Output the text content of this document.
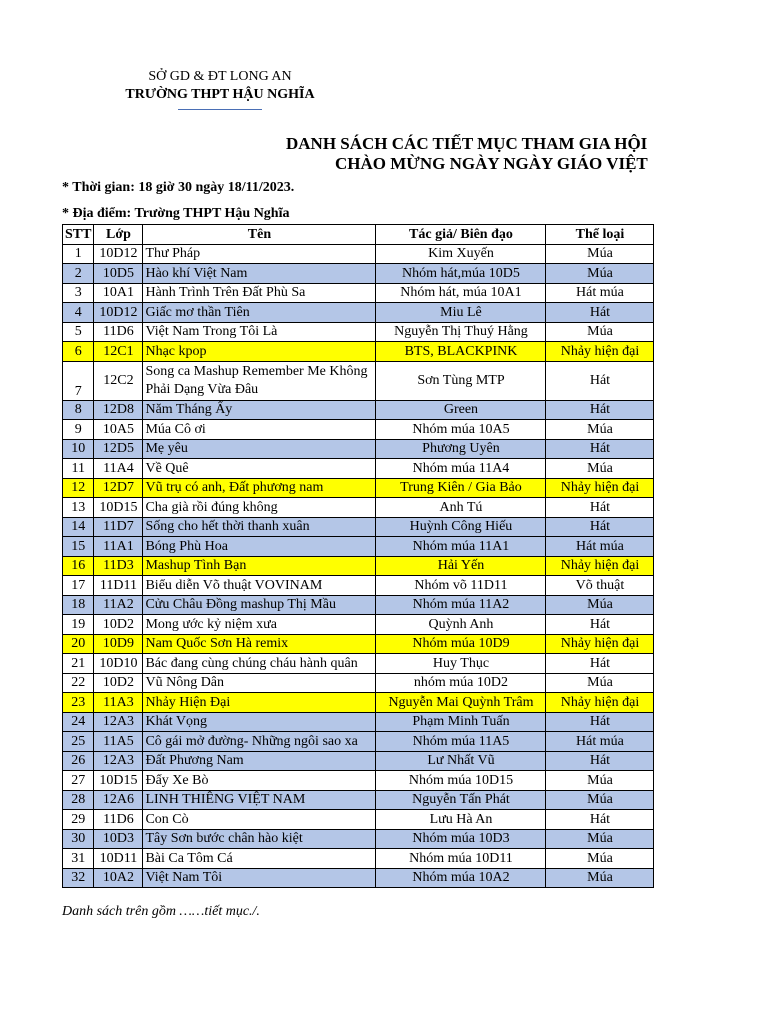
SỞ GD & ĐT LONG AN
TRƯỜNG THPT HẬU NGHĨA
DANH SÁCH CÁC TIẾT MỤC THAM GIA HỘI
CHÀO MỪNG NGÀY NGÀY GIÁO VIỆT
* Thời gian: 18 giờ 30 ngày 18/11/2023.
* Địa điểm: Trường THPT Hậu Nghĩa
STT	Lớp	Tên	Tác giả/ Biên đạo	Thể loại
1	10D12	Thư Pháp	Kim Xuyến	Múa
2	10D5	Hào khí Việt Nam	Nhóm hát,múa 10D5	Múa
3	10A1	Hành Trình Trên Đất Phù Sa	Nhóm hát, múa 10A1	Hát múa
4	10D12	Giấc mơ thần Tiên	Miu Lê	Hát
5	11D6	Việt Nam Trong Tôi Là	Nguyễn Thị Thuý Hằng	Múa
6	12C1	Nhạc kpop	BTS, BLACKPINK	Nhảy hiện đại
7	12C2	Song ca Mashup Remember Me Không Phải Dạng Vừa Đâu	Sơn Tùng MTP	Hát
8	12D8	Năm Tháng Ấy	Green	Hát
9	10A5	Múa Cô ơi	Nhóm múa 10A5	Múa
10	12D5	Mẹ yêu	Phương Uyên	Hát
11	11A4	Về Quê	Nhóm múa 11A4	Múa
12	12D7	Vũ trụ có anh, Đất phương nam	Trung Kiên / Gia Bảo	Nhảy hiện đại
13	10D15	Cha già rồi đúng không	Anh Tú	Hát
14	11D7	Sống cho hết thời thanh xuân	Huỳnh Công Hiếu	Hát
15	11A1	Bóng Phù Hoa	Nhóm múa 11A1	Hát múa
16	11D3	Mashup Tình Bạn	Hải Yến	Nhảy hiện đại
17	11D11	Biểu diễn Võ thuật VOVINAM	Nhóm võ 11D11	Võ thuật
18	11A2	Cửu Châu Đồng mashup Thị Mầu	Nhóm múa 11A2	Múa
19	10D2	Mong ước kỷ niệm xưa	Quỳnh Anh	Hát
20	10D9	Nam Quốc Sơn Hà remix	Nhóm múa 10D9	Nhảy hiện đại
21	10D10	Bác đang cùng chúng cháu hành quân	Huy Thục	Hát
22	10D2	Vũ Nông Dân	nhóm múa 10D2	Múa
23	11A3	Nhảy Hiện Đại	Nguyễn Mai Quỳnh Trâm	Nhảy hiện đại
24	12A3	Khát Vọng	Phạm Minh Tuấn	Hát
25	11A5	Cô gái mở đường- Những ngôi sao xa	Nhóm múa 11A5	Hát múa
26	12A3	Đất Phương Nam	Lư Nhất Vũ	Hát
27	10D15	Đẩy Xe Bò	Nhóm múa 10D15	Múa
28	12A6	LINH THIÊNG VIỆT NAM	Nguyễn Tấn Phát	Múa
29	11D6	Con Cò	Lưu Hà An	Hát
30	10D3	Tây Sơn bước chân hào kiệt	Nhóm múa 10D3	Múa
31	10D11	Bài Ca Tôm Cá	Nhóm múa 10D11	Múa
32	10A2	Việt Nam Tôi	Nhóm múa 10A2	Múa
Danh sách trên gồm ……tiết mục./.
